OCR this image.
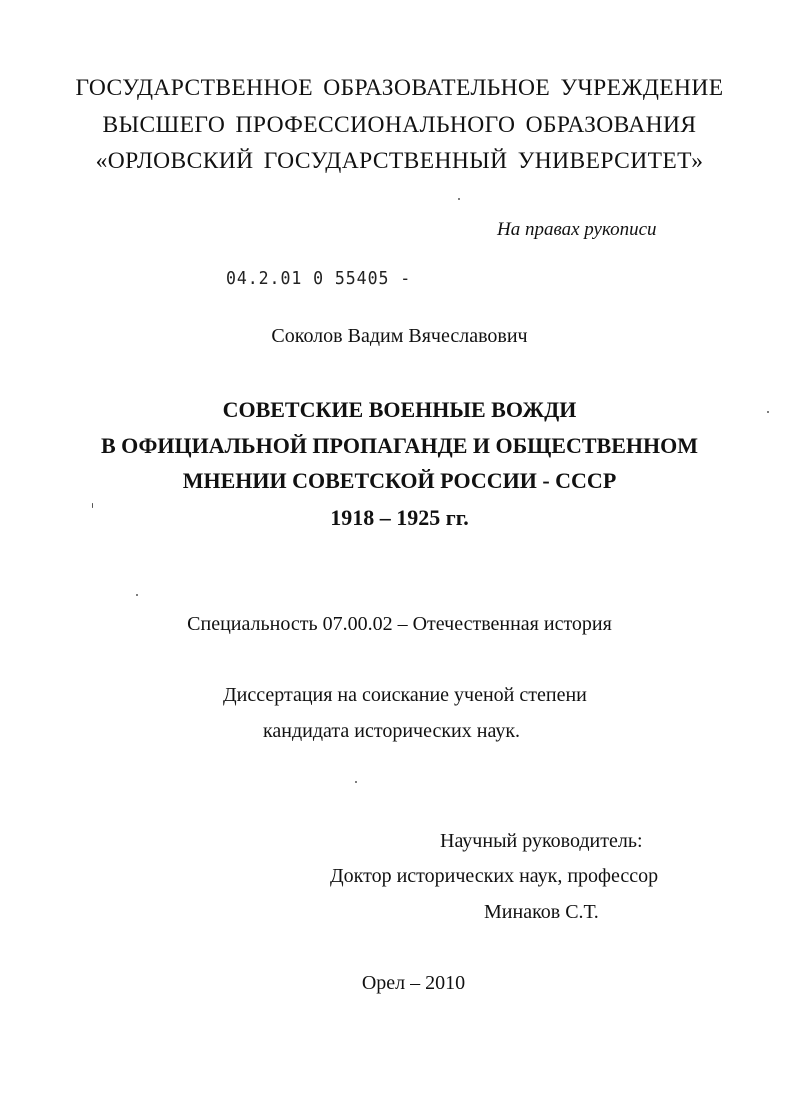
ГОСУДАРСТВЕННОЕ ОБРАЗОВАТЕЛЬНОЕ УЧРЕЖДЕНИЕ
ВЫСШЕГО ПРОФЕССИОНАЛЬНОГО ОБРАЗОВАНИЯ
«ОРЛОВСКИЙ ГОСУДАРСТВЕННЫЙ УНИВЕРСИТЕТ»
На правах рукописи
04.2.01 0 55405 -
Соколов Вадим Вячеславович
СОВЕТСКИЕ ВОЕННЫЕ ВОЖДИ
В ОФИЦИАЛЬНОЙ ПРОПАГАНДЕ И ОБЩЕСТВЕННОМ
МНЕНИИ СОВЕТСКОЙ РОССИИ - СССР
1918 – 1925 гг.
Специальность 07.00.02 – Отечественная история
Диссертация на соискание ученой степени
кандидата исторических наук.
Научный руководитель:
Доктор исторических наук, профессор
Минаков С.Т.
Орел – 2010
